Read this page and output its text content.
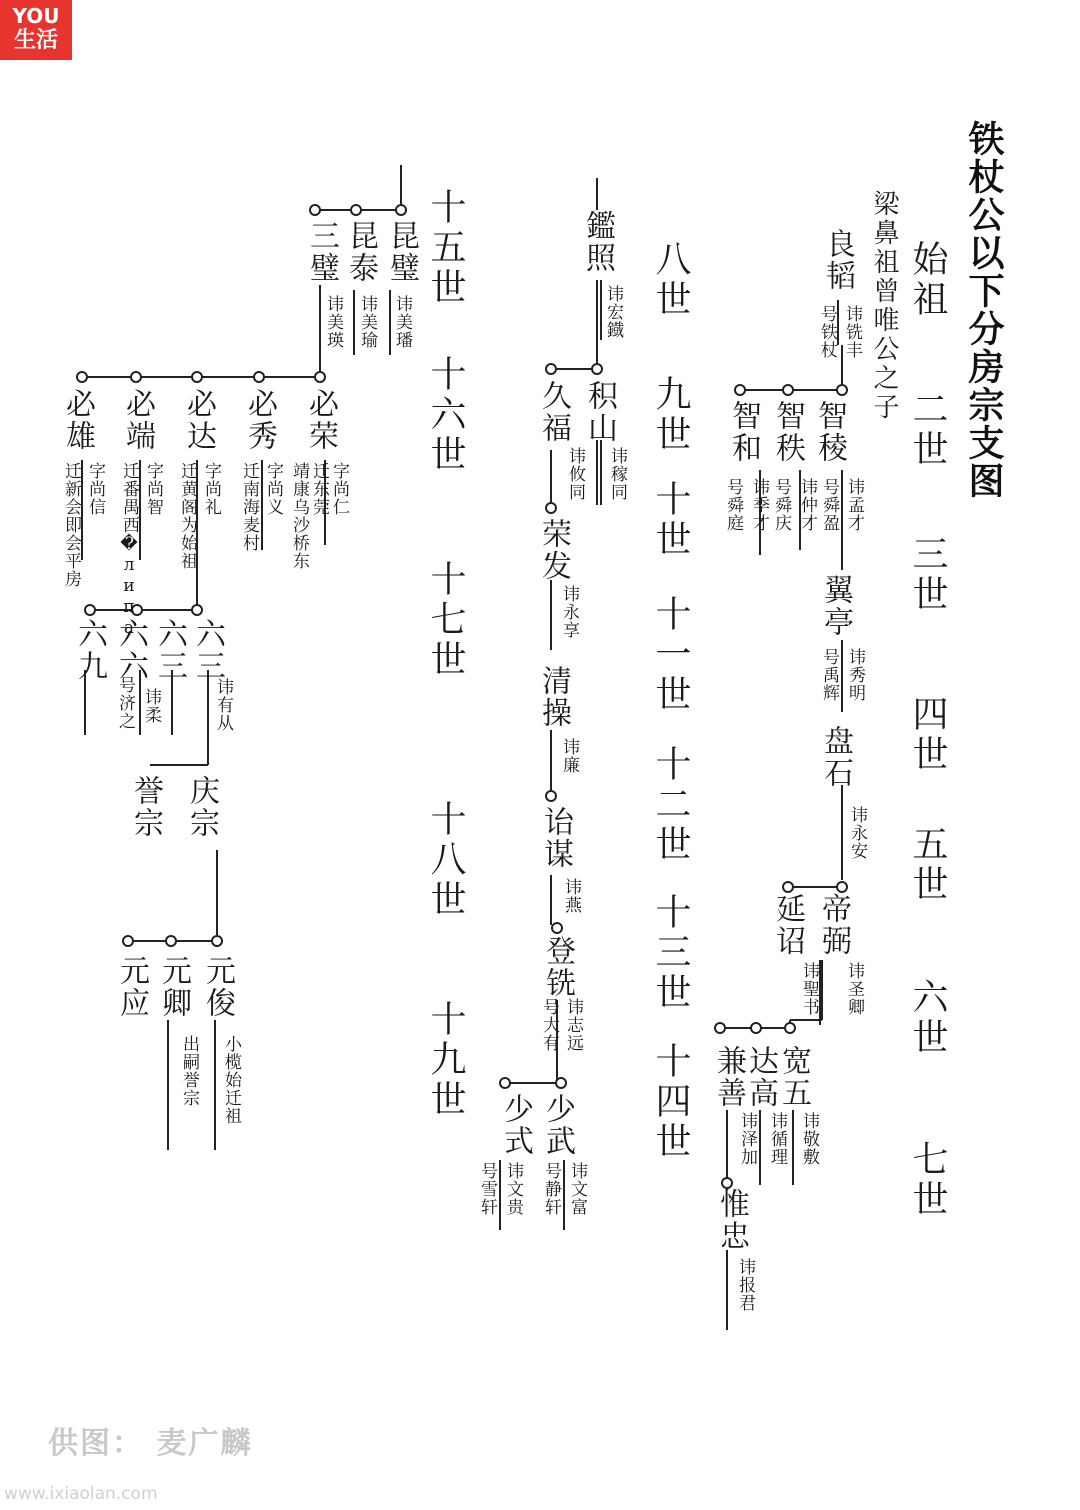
YOU
生活
铁杖公以下分房宗支图
梁鼻祖曾唯公之子 始祖
二世
三世
四世
五世
六世
七世
八世
九世
十世
十一世
十二世
十三世
十四世
十五世
十六世
十七世
十八世
十九世
良韬
讳铣丰
号铁杖
智稜
讳孟才
号舜盈
智秩
讳仲才
号舜庆
智和
讳季才
号舜庭
翼亭
讳秀明
号禹辉
盘石
讳永安
帝弼
讳圣卿
延诏
讳聖书
宽五
讳敬敷
达高
讳循理
兼善
讳泽加
惟忠
讳报君
鑑照
讳宏鐡
积山
讳稼同
久福
讳攸同
荣发
讳永享
清操
讳廉
诒谋
讳燕
登铣
讳志远
号大有
少武
讳文富
号静轩
少式
讳文贵
号雪轩
昆璧
讳美璠
昆泰
讳美瑜
三璧
讳美瑛
必荣
字尚仁
迁东莞
靖康乌沙桥东
必秀
字尚义
迁南海麦村
必达
字尚礼
迁黄阁为始祖
必端
字尚智
迁番禺西�липа
必雄
字尚信
迁新会即会平房
六三
讳有从
六三
讳柔
号济之
六六
六九
庆宗
誉宗
元俊
小榄始迁祖
元卿
出嗣誉宗
元应
供图： 麦广麟
www.ixiaolan.com
